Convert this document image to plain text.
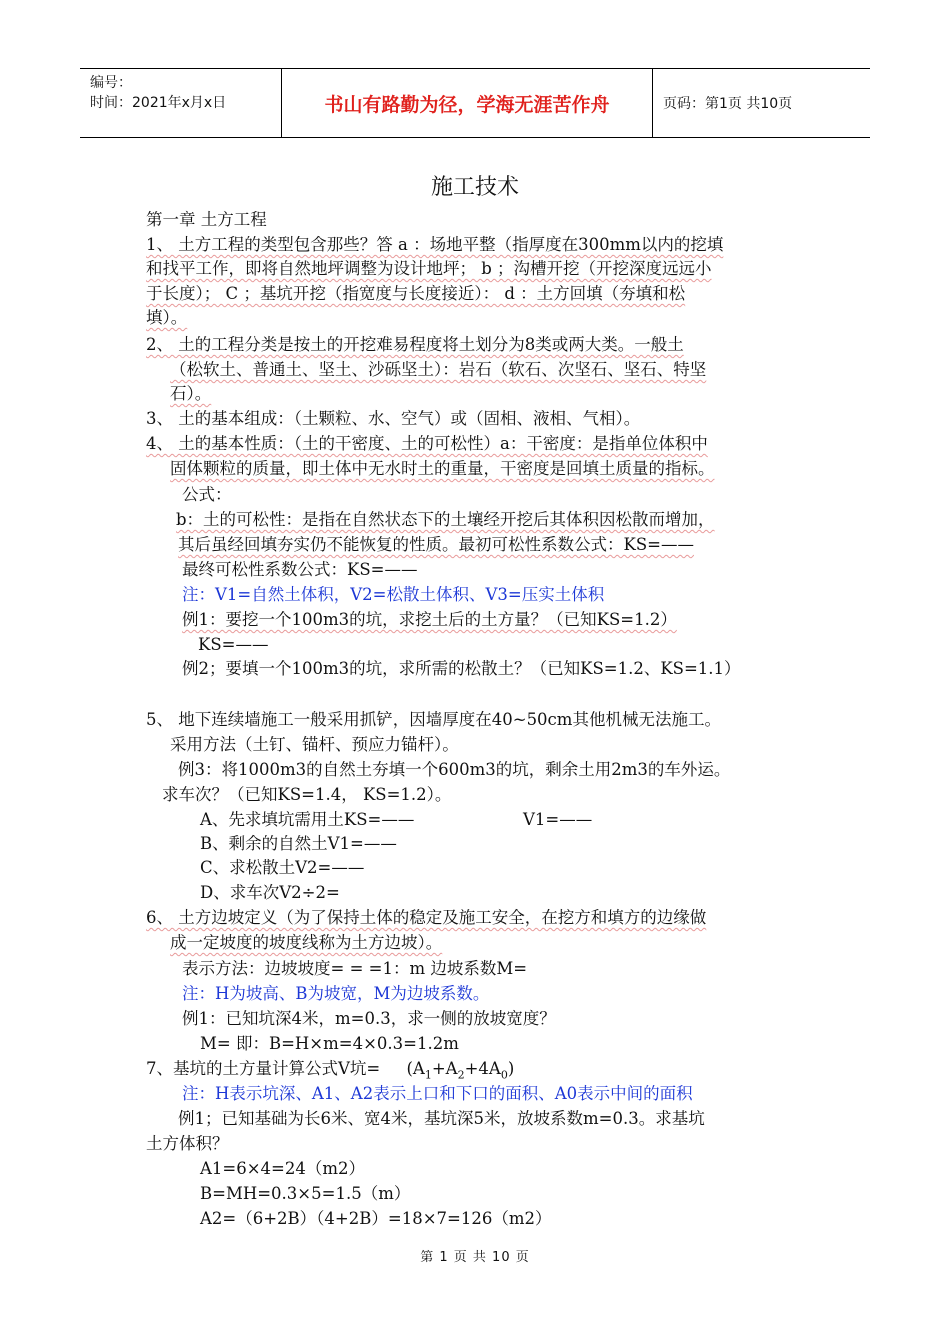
编号：
时间：2021年x月x日	书山有路勤为径，学海无涯苦作舟	页码：第1页 共10页
施工技术
第一章 土方工程
1、 土方工程的类型包含那些？答 a ：场地平整（指厚度在300mm以内的挖填
和找平工作，即将自然地坪调整为设计地坪； b ；沟槽开挖（开挖深度远远小
于长度）； C ；基坑开挖（指宽度与长度接近）： d ：土方回填（夯填和松
填）。
2、 土的工程分类是按土的开挖难易程度将土划分为8类或两大类。一般土
（松软土、普通土、坚土、沙砾坚土）：岩石（软石、次坚石、坚石、特坚
石）。
3、 土的基本组成：（土颗粒、水、空气）或（固相、液相、气相）。
4、 土的基本性质：（土的干密度、土的可松性）a：干密度：是指单位体积中
固体颗粒的质量，即土体中无水时土的重量，干密度是回填土质量的指标。
公式：
b：土的可松性：是指在自然状态下的土壤经开挖后其体积因松散而增加，
其后虽经回填夯实仍不能恢复的性质。最初可松性系数公式：KS=——
最终可松性系数公式：KS=——
注：V1=自然土体积，V2=松散土体积、V3=压实土体积
例1：要挖一个100m3的坑，求挖土后的土方量？（已知KS=1.2）
KS=——
例2；要填一个100m3的坑，求所需的松散土？（已知KS=1.2、KS=1.1）
5、 地下连续墙施工一般采用抓铲，因墙厚度在40~50cm其他机械无法施工。
采用方法（土钉、锚杆、预应力锚杆）。
例3：将1000m3的自然土夯填一个600m3的坑，剩余土用2m3的车外运。
求车次？（已知KS=1.4， KS=1.2）。
A、先求填坑需用土KS=——	V1=——
B、剩余的自然土V1=——
C、求松散土V2=——
D、求车次V2÷2=
6、 土方边坡定义（为了保持土体的稳定及施工安全，在挖方和填方的边缘做
成一定坡度的坡度线称为土方边坡）。
表示方法：边坡坡度= = =1：m 边坡系数M=
注：H为坡高、B为坡宽，M为边坡系数。
例1：已知坑深4米，m=0.3，求一侧的放坡宽度？
M= 即：B=H×m=4×0.3=1.2m
7、基坑的土方量计算公式V坑= $(A_1+A_2+4A_0)$
注：H表示坑深、A1、A2表示上口和下口的面积、A0表示中间的面积
例1；已知基础为长6米、宽4米，基坑深5米，放坡系数m=0.3。求基坑
土方体积？
A1=6×4=24（m2）
B=MH=0.3×5=1.5（m）
A2=（6+2B）（4+2B）=18×7=126（m2）
第 1 页 共 10 页
